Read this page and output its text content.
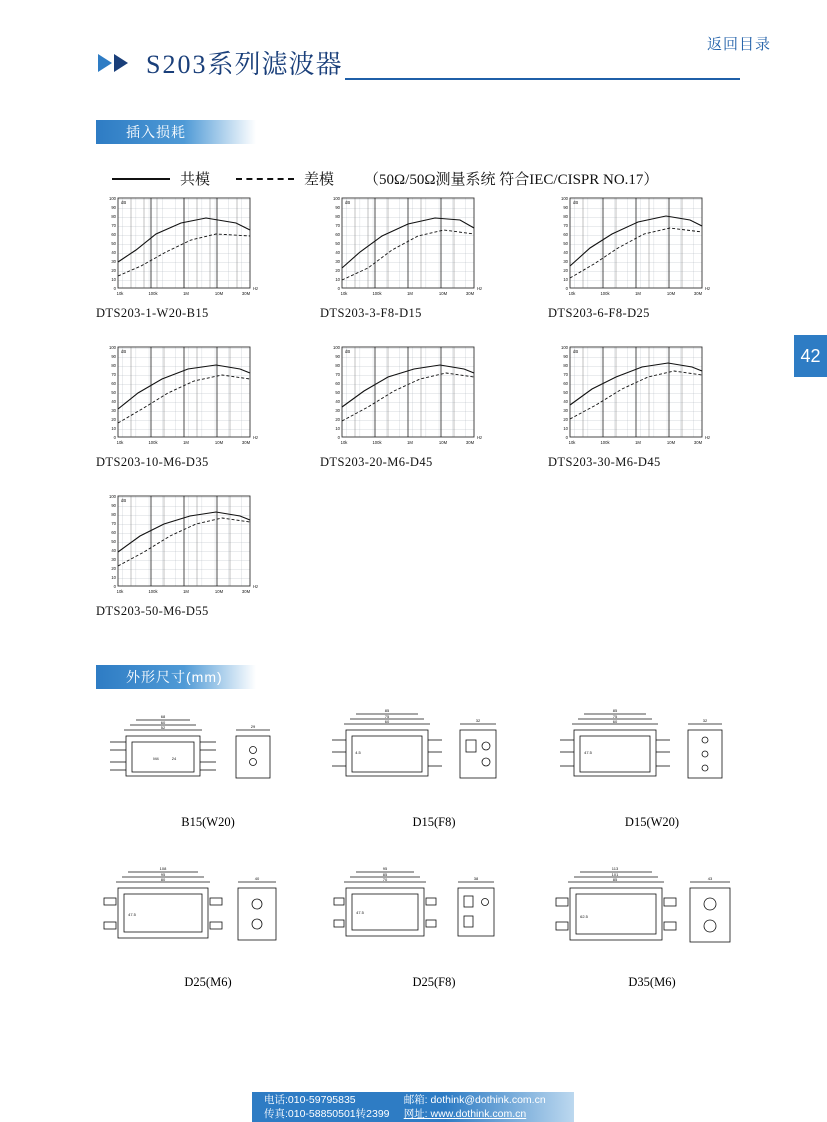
返回目录
S203系列滤波器
插入损耗
共模	差模 （50Ω/50Ω测量系统 符合IEC/CISPR NO.17）
42
100
90
80
70
60
50
40
30
20
10
0
10k	100k	1M	10M	30M
dB
Hz
DTS203-1-W20-B15
100
90
80
70
60
50
40
30
20
10
0
10k	100k	1M	10M	30M
dB
Hz
DTS203-3-F8-D15
100
90
80
70
60
50
40
30
20
10
0
10k	100k	1M	10M	30M
dB
Hz
DTS203-6-F8-D25
100
90
80
70
60
50
40
30
20
10
0
10k	100k	1M	10M	30M
dB
Hz
DTS203-10-M6-D35
100
90
80
70
60
50
40
30
20
10
0
10k	100k	1M	10M	30M
dB
Hz
DTS203-20-M6-D45
100
90
80
70
60
50
40
30
20
10
0
10k	100k	1M	10M	30M
dB
Hz
DTS203-30-M6-D45
100
90
80
70
60
50
40
30
20
10
0
10k	100k	1M	10M	30M
dB
Hz
DTS203-50-M6-D55
外形尺寸(mm)
68
60
52	29
M4	24
B15(W20)
85
75
60	32
4.5
D15(F8)
85
75
60	32
47.5
D15(W20)
108
95
80	40
47.5
D25(M6)
95
85
70	38
47.5
D25(F8)
113
101
85	43
62.5
D35(M6)
电话:010-59795835
传真:010-58850501转2399
邮箱: dothink@dothink.com.cn
网址: www.dothink.com.cn
